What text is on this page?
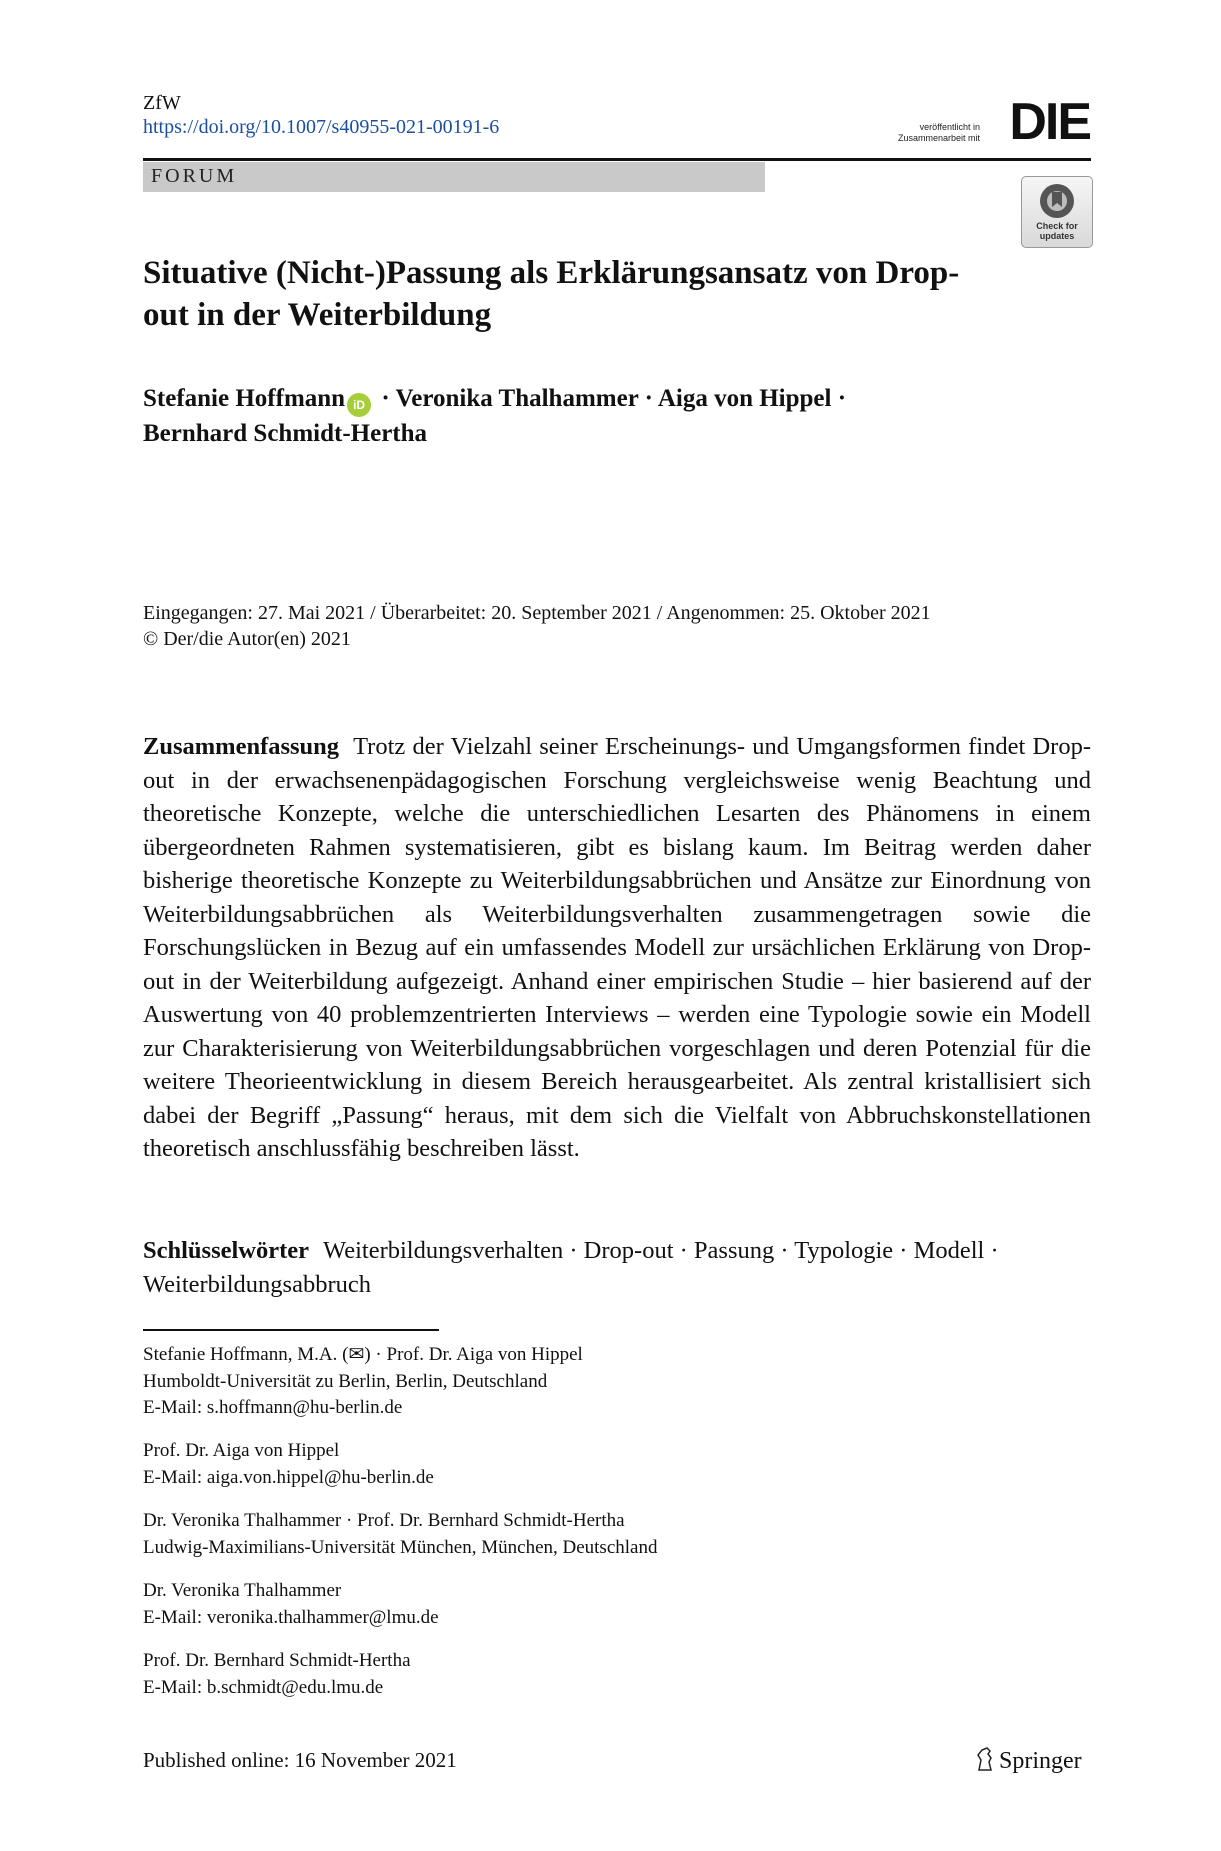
ZfW
https://doi.org/10.1007/s40955-021-00191-6	veröffentlicht in
Zusammenarbeit mit DIE
FORUM
Check for
updates
Situative (Nicht-)Passung als Erklärungsansatz von Drop-out in der Weiterbildung
Stefanie Hoffmann iD · Veronika Thalhammer · Aiga von Hippel ·
Bernhard Schmidt-Hertha
Eingegangen: 27. Mai 2021 / Überarbeitet: 20. September 2021 / Angenommen: 25. Oktober 2021
© Der/die Autor(en) 2021
Zusammenfassung Trotz der Vielzahl seiner Erscheinungs- und Umgangsformen findet Drop-out in der erwachsenenpädagogischen Forschung vergleichsweise wenig Beachtung und theoretische Konzepte, welche die unterschiedlichen Lesarten des Phänomens in einem übergeordneten Rahmen systematisieren, gibt es bislang kaum. Im Beitrag werden daher bisherige theoretische Konzepte zu Weiterbildungsabbrüchen und Ansätze zur Einordnung von Weiterbildungsabbrüchen als Weiterbildungsverhalten zusammengetragen sowie die Forschungslücken in Bezug auf ein umfassendes Modell zur ursächlichen Erklärung von Drop-out in der Weiterbildung aufgezeigt. Anhand einer empirischen Studie – hier basierend auf der Auswertung von 40 problemzentrierten Interviews – werden eine Typologie sowie ein Modell zur Charakterisierung von Weiterbildungsabbrüchen vorgeschlagen und deren Potenzial für die weitere Theorieentwicklung in diesem Bereich herausgearbeitet. Als zentral kristallisiert sich dabei der Begriff „Passung“ heraus, mit dem sich die Vielfalt von Abbruchskonstellationen theoretisch anschlussfähig beschreiben lässt.
Schlüsselwörter Weiterbildungsverhalten · Drop-out · Passung · Typologie · Modell · Weiterbildungsabbruch
Stefanie Hoffmann, M.A. (✉) · Prof. Dr. Aiga von Hippel
Humboldt-Universität zu Berlin, Berlin, Deutschland
E-Mail: s.hoffmann@hu-berlin.de
Prof. Dr. Aiga von Hippel
E-Mail: aiga.von.hippel@hu-berlin.de
Dr. Veronika Thalhammer · Prof. Dr. Bernhard Schmidt-Hertha
Ludwig-Maximilians-Universität München, München, Deutschland
Dr. Veronika Thalhammer
E-Mail: veronika.thalhammer@lmu.de
Prof. Dr. Bernhard Schmidt-Hertha
E-Mail: b.schmidt@edu.lmu.de
Published online: 16 November 2021	Springer
